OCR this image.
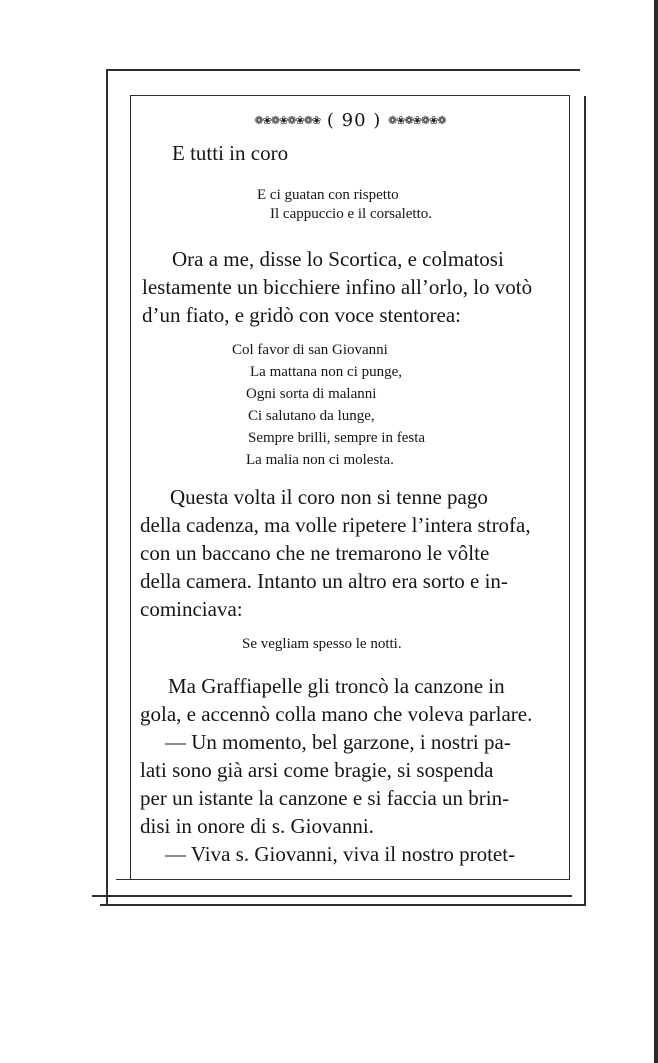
❁❀❁❀❁❀❁❀ ( 90 ) ❁❀❁❀❁❀❁
E tutti in coro
E ci guatan con rispetto
Il cappuccio e il corsaletto.
Ora a me, disse lo Scortica, e colmatosi
lestamente un bicchiere infino all’orlo, lo votò
d’un fiato, e gridò con voce stentorea:
Col favor di san Giovanni
La mattana non ci punge,
Ogni sorta di malanni
Ci salutano da lunge,
Sempre brilli, sempre in festa
La malia non ci molesta.
Questa volta il coro non si tenne pago
della cadenza, ma volle ripetere l’intera strofa,
con un baccano che ne tremarono le vôlte
della camera. Intanto un altro era sorto e in-
cominciava:
Se vegliam spesso le notti.
Ma Graffiapelle gli troncò la canzone in
gola, e accennò colla mano che voleva parlare.
— Un momento, bel garzone, i nostri pa-
lati sono già arsi come bragie, si sospenda
per un istante la canzone e si faccia un brin-
disi in onore di s. Giovanni.
— Viva s. Giovanni, viva il nostro protet-
